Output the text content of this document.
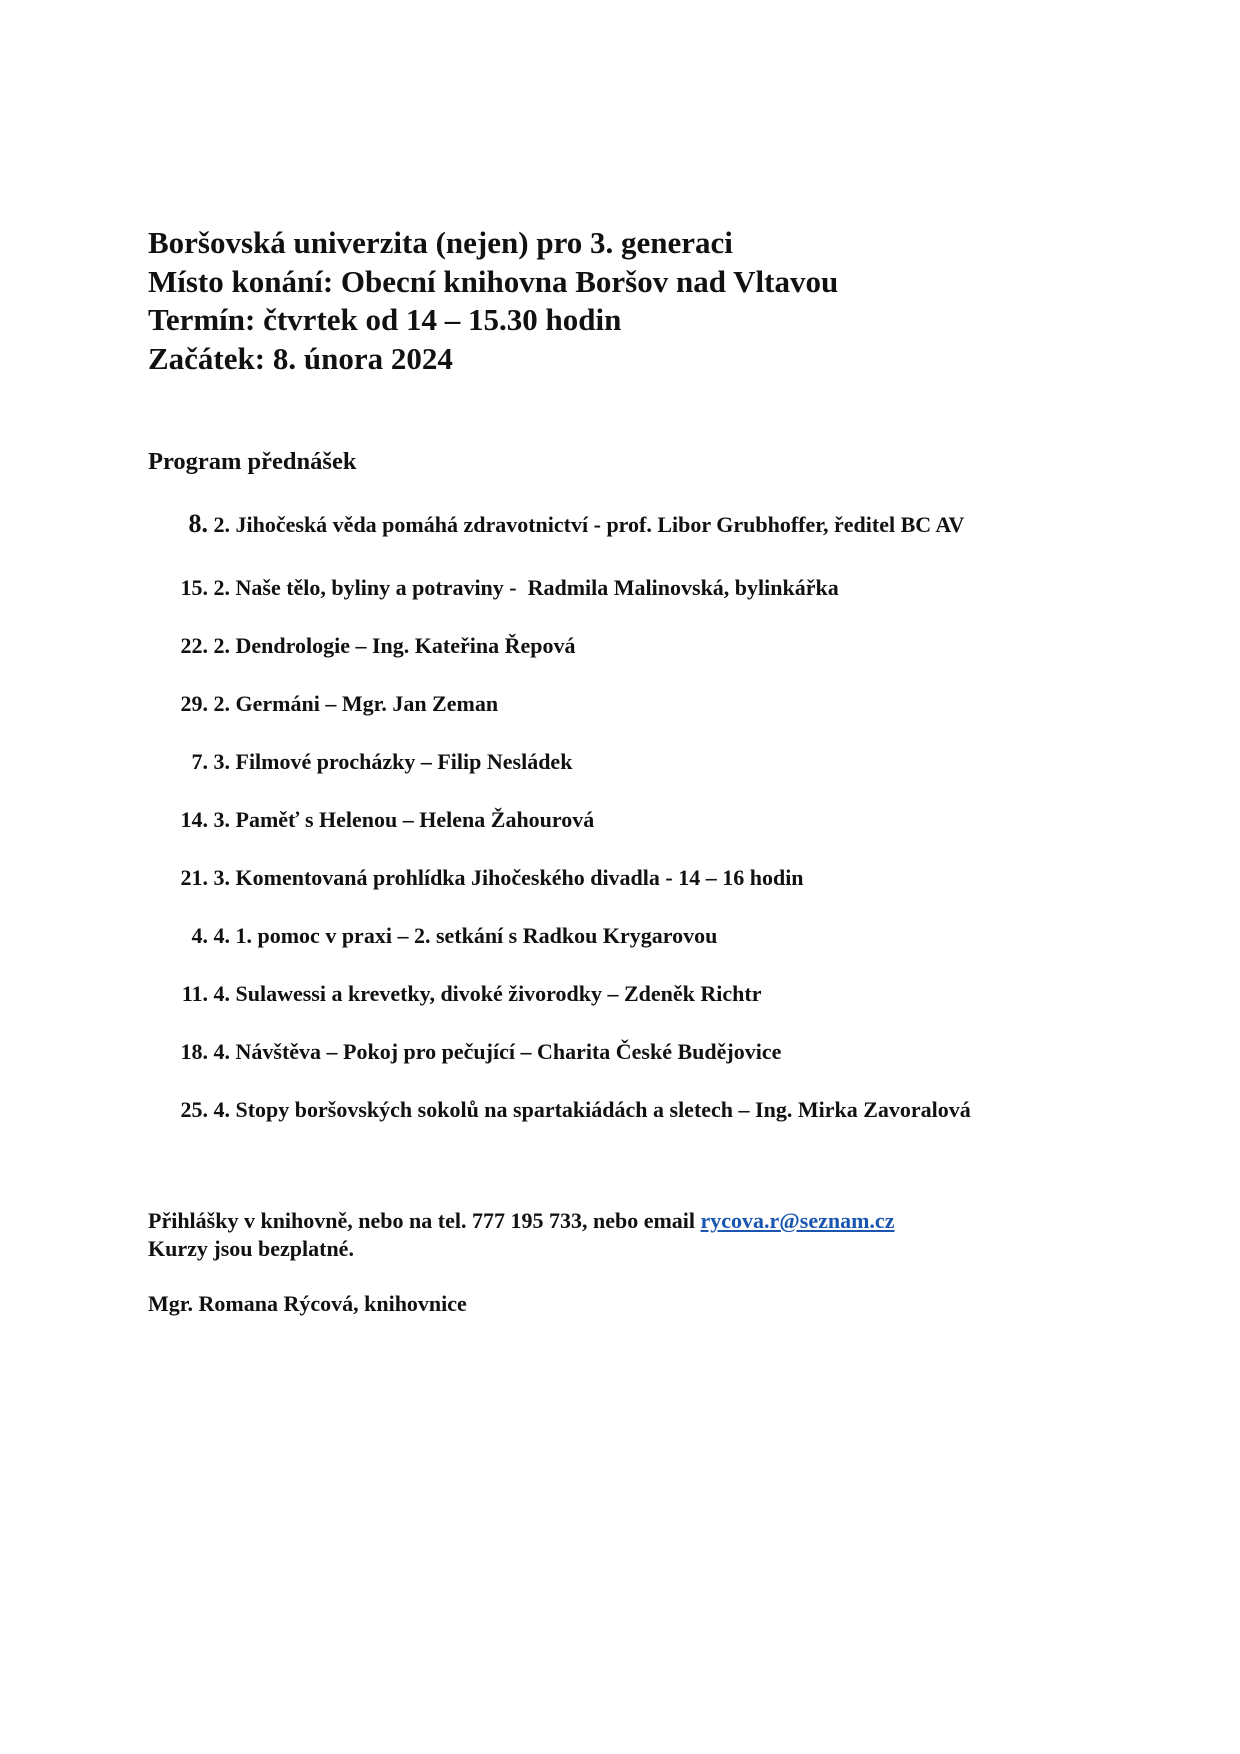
Boršovská univerzita (nejen) pro 3. generaci
Místo konání: Obecní knihovna Boršov nad Vltavou
Termín: čtvrtek od 14 – 15.30 hodin
Začátek: 8. února 2024
Program přednášek
8. 2. Jihočeská věda pomáhá zdravotnictví - prof. Libor Grubhoffer, ředitel BC AV
15. 2. Naše tělo, byliny a potraviny -  Radmila Malinovská, bylinkářka
22. 2. Dendrologie – Ing. Kateřina Řepová
29. 2. Germáni – Mgr. Jan Zeman
7. 3. Filmové procházky – Filip Nesládek
14. 3. Paměť s Helenou – Helena Žahourová
21. 3. Komentovaná prohlídka Jihočeského divadla - 14 – 16 hodin
4. 4. 1. pomoc v praxi – 2. setkání s Radkou Krygarovou
11. 4. Sulawessi a krevetky, divoké živorodky – Zdeněk Richtr
18. 4. Návštěva – Pokoj pro pečující – Charita České Budějovice
25. 4. Stopy boršovských sokolů na spartakiádách a sletech – Ing. Mirka Zavoralová
Přihlášky v knihovně, nebo na tel. 777 195 733, nebo email rycova.r@seznam.cz
Kurzy jsou bezplatné.
Mgr. Romana Rýcová, knihovnice
